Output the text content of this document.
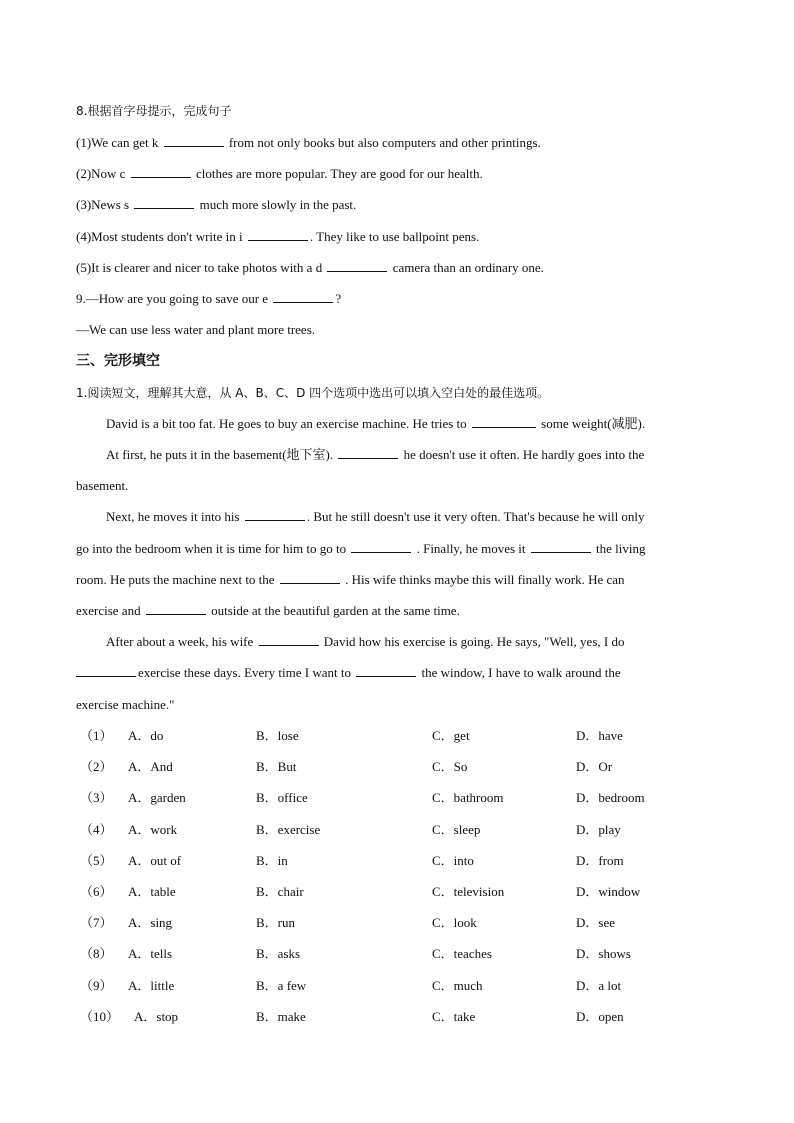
8.根据首字母提示，完成句子
(1)We can get k	from not only books but also computers and other printings.
(2)Now c	clothes are more popular. They are good for our health.
(3)News s	much more slowly in the past.
(4)Most students don't write in i	. They like to use ballpoint pens.
(5)It is clearer and nicer to take photos with a d	camera than an ordinary one.
9.—How are you going to save our e	?
—We can use less water and plant more trees.
三、完形填空
1.阅读短文，理解其大意，从 A、B、C、D 四个选项中选出可以填入空白处的最佳选项。
David is a bit too fat. He goes to buy an exercise machine. He tries to	some weight(减肥).
At first, he puts it in the basement(地下室).	he doesn't use it often. He hardly goes into the
basement.
Next, he moves it into his	. But he still doesn't use it very often. That's because he will only
go into the bedroom when it is time for him to go to	. Finally, he moves it	the living
room. He puts the machine next to the	. His wife thinks maybe this will finally work. He can
exercise and	outside at the beautiful garden at the same time.
After about a week, his wife	David how his exercise is going. He says, "Well, yes, I do
exercise these days. Every time I want to	the window, I have to walk around the
exercise machine."
（1） A．do	B．lose	C．get	D．have
（2） A．And	B．But	C．So	D．Or
（3） A．garden	B．office	C．bathroom	D．bedroom
（4） A．work	B．exercise	C．sleep	D．play
（5） A．out of	B．in	C．into	D．from
（6） A．table	B．chair	C．television	D．window
（7） A．sing	B．run	C．look	D．see
（8） A．tells	B．asks	C．teaches	D．shows
（9） A．little	B．a few	C．much	D．a lot
（10） A．stop	B．make	C．take	D．open
